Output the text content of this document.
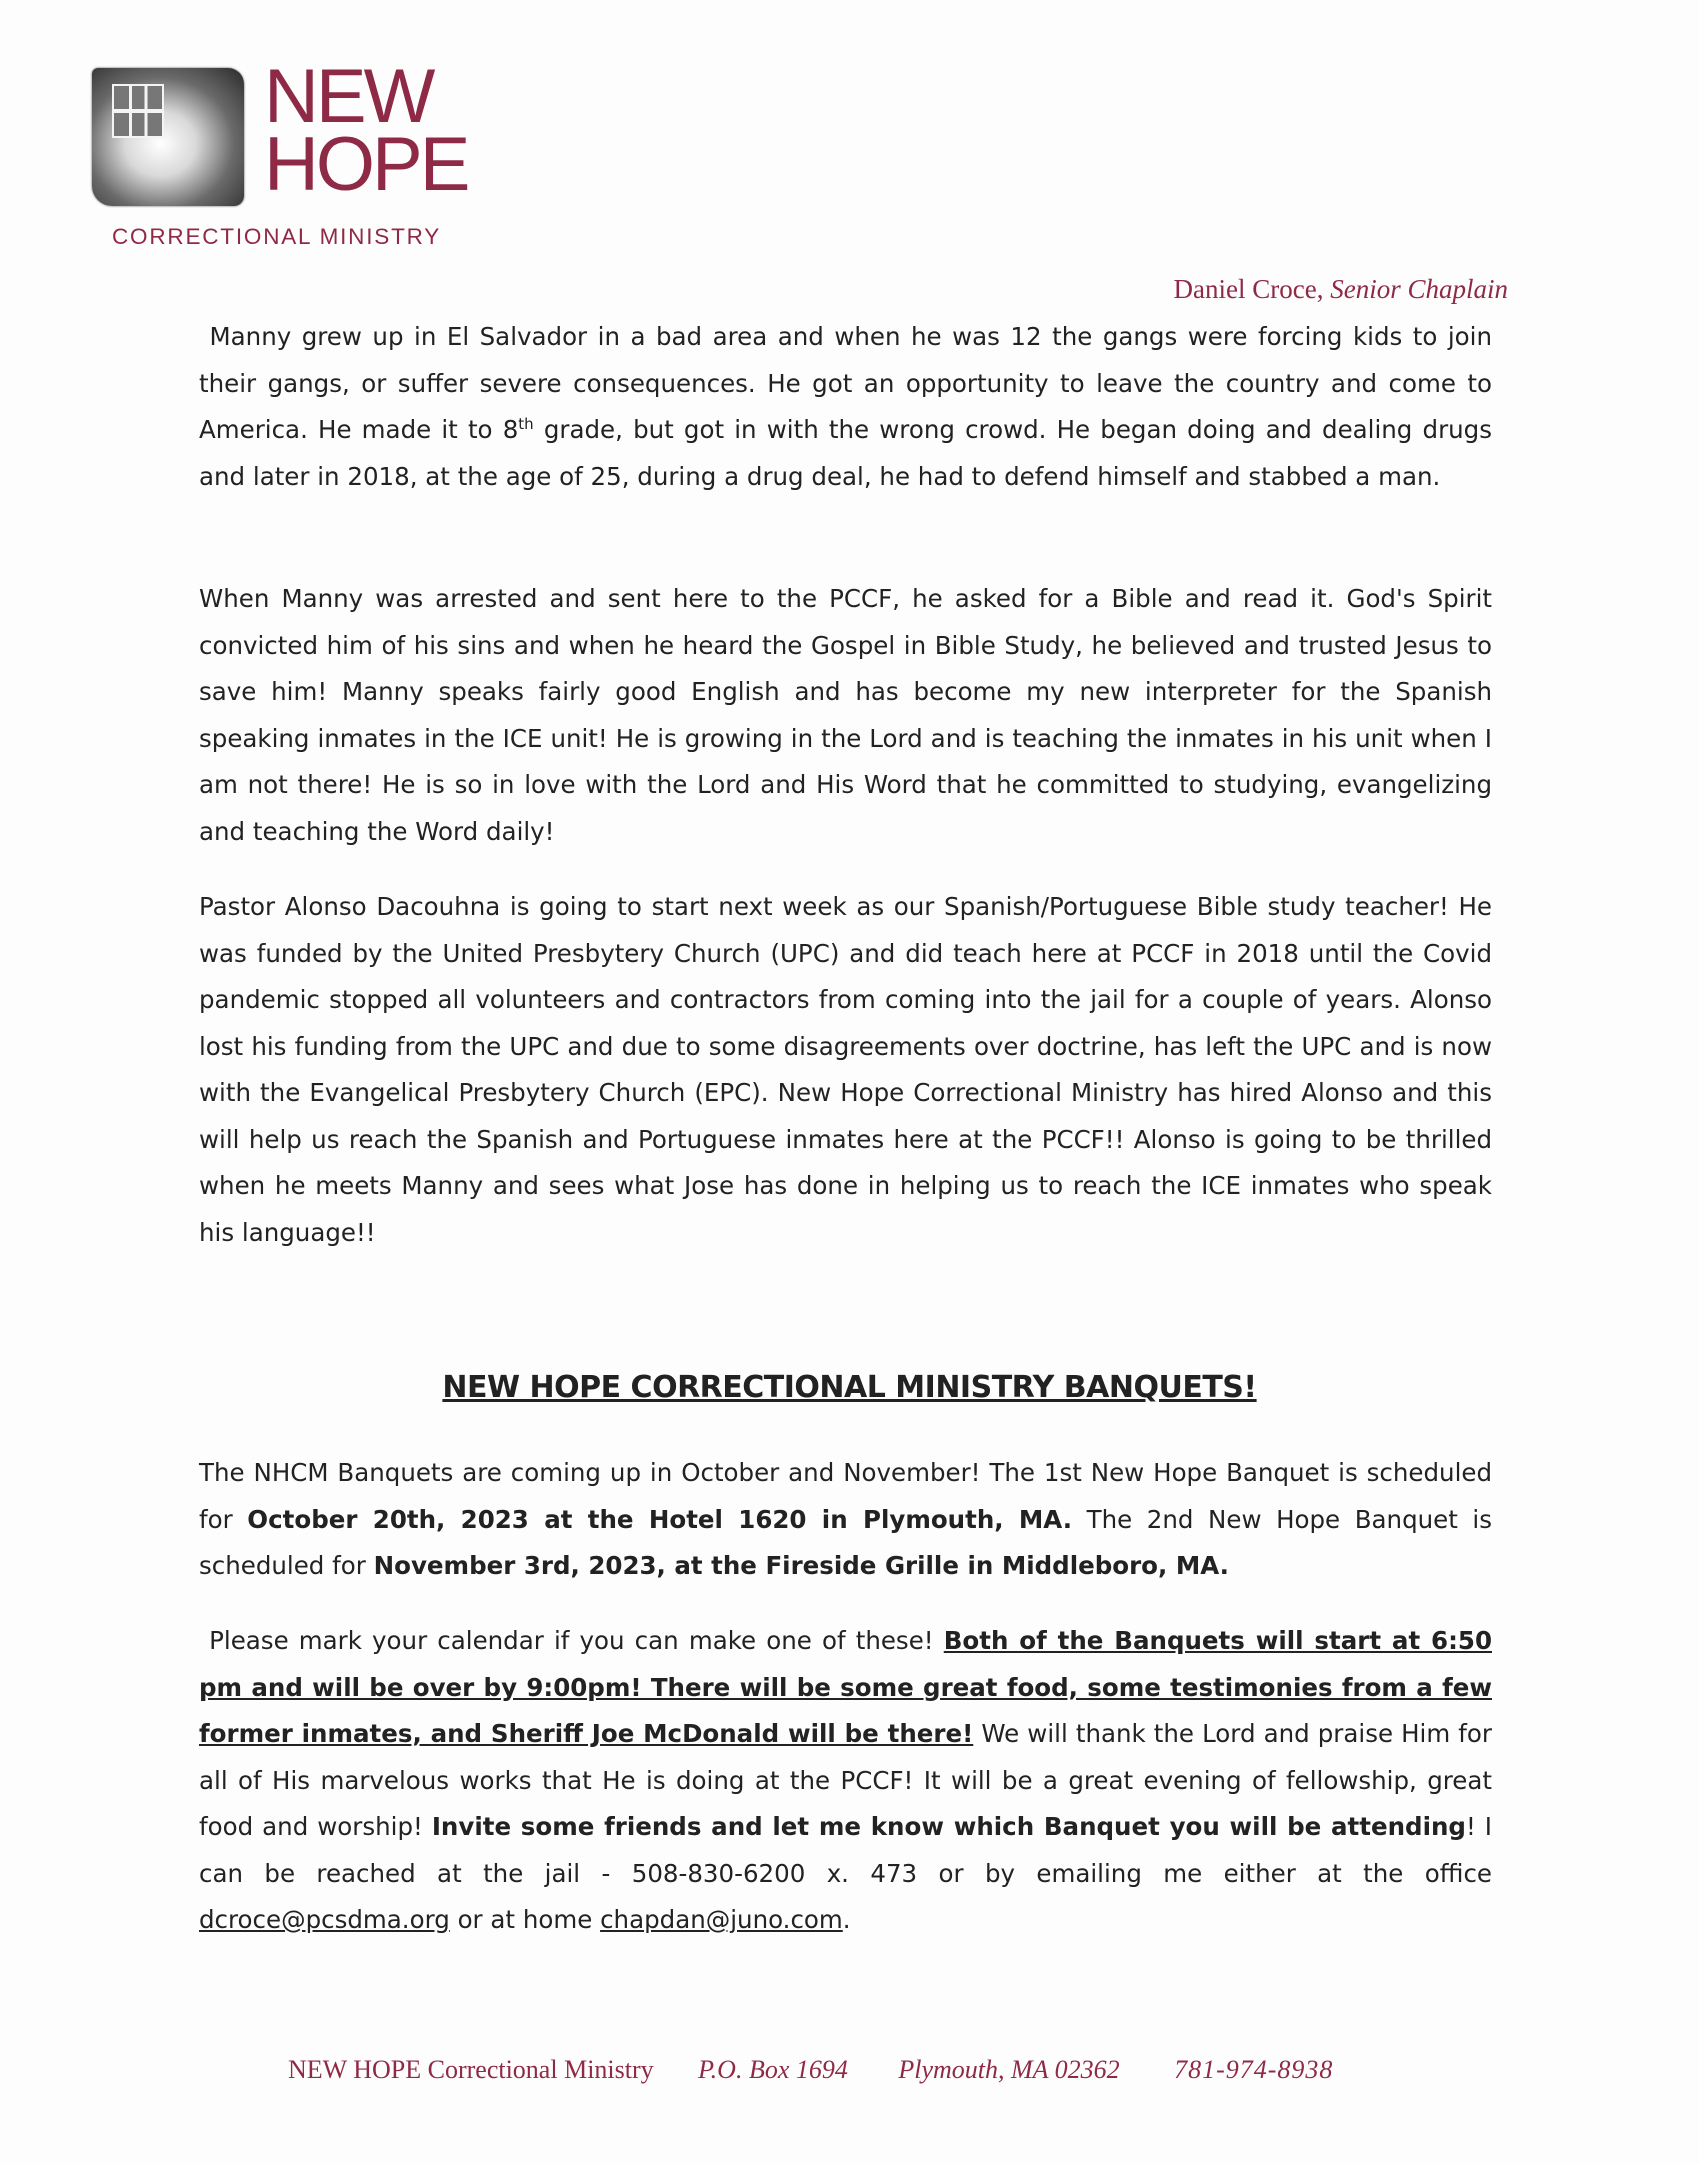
NEW
HOPE
CORRECTIONAL MINISTRY
Daniel Croce, Senior Chaplain
Manny grew up in El Salvador in a bad area and when he was 12 the gangs were forcing kids to join their gangs, or suffer severe consequences. He got an opportunity to leave the country and come to America. He made it to 8th grade, but got in with the wrong crowd. He began doing and dealing drugs and later in 2018, at the age of 25, during a drug deal, he had to defend himself and stabbed a man.
When Manny was arrested and sent here to the PCCF, he asked for a Bible and read it. God's Spirit convicted him of his sins and when he heard the Gospel in Bible Study, he believed and trusted Jesus to save him! Manny speaks fairly good English and has become my new interpreter for the Spanish speaking inmates in the ICE unit! He is growing in the Lord and is teaching the inmates in his unit when I am not there! He is so in love with the Lord and His Word that he committed to studying, evangelizing and teaching the Word daily!
Pastor Alonso Dacouhna is going to start next week as our Spanish/Portuguese Bible study teacher! He was funded by the United Presbytery Church (UPC) and did teach here at PCCF in 2018 until the Covid pandemic stopped all volunteers and contractors from coming into the jail for a couple of years. Alonso lost his funding from the UPC and due to some disagreements over doctrine, has left the UPC and is now with the Evangelical Presbytery Church (EPC). New Hope Correctional Ministry has hired Alonso and this will help us reach the Spanish and Portuguese inmates here at the PCCF!! Alonso is going to be thrilled when he meets Manny and sees what Jose has done in helping us to reach the ICE inmates who speak his language!!
NEW HOPE CORRECTIONAL MINISTRY BANQUETS!
The NHCM Banquets are coming up in October and November! The 1st New Hope Banquet is scheduled for October 20th, 2023 at the Hotel 1620 in Plymouth, MA. The 2nd New Hope Banquet is scheduled for November 3rd, 2023, at the Fireside Grille in Middleboro, MA.
Please mark your calendar if you can make one of these! Both of the Banquets will start at 6:50 pm and will be over by 9:00pm! There will be some great food, some testimonies from a few former inmates, and Sheriff Joe McDonald will be there! We will thank the Lord and praise Him for all of His marvelous works that He is doing at the PCCF! It will be a great evening of fellowship, great food and worship! Invite some friends and let me know which Banquet you will be attending! I can be reached at the jail - 508-830-6200 x. 473 or by emailing me either at the office dcroce@pcsdma.org or at home chapdan@juno.com.
NEW HOPE Correctional Ministry P.O. Box 1694 Plymouth, MA 02362 781-974-8938
